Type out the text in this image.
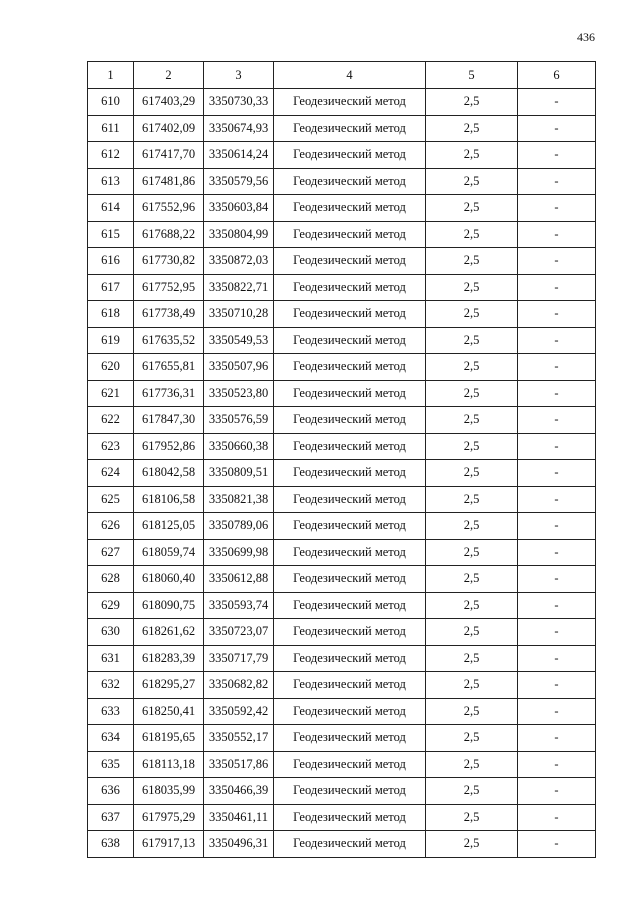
436
1	2	3	4	5	6
610	617403,29	3350730,33	Геодезический метод	2,5	-
611	617402,09	3350674,93	Геодезический метод	2,5	-
612	617417,70	3350614,24	Геодезический метод	2,5	-
613	617481,86	3350579,56	Геодезический метод	2,5	-
614	617552,96	3350603,84	Геодезический метод	2,5	-
615	617688,22	3350804,99	Геодезический метод	2,5	-
616	617730,82	3350872,03	Геодезический метод	2,5	-
617	617752,95	3350822,71	Геодезический метод	2,5	-
618	617738,49	3350710,28	Геодезический метод	2,5	-
619	617635,52	3350549,53	Геодезический метод	2,5	-
620	617655,81	3350507,96	Геодезический метод	2,5	-
621	617736,31	3350523,80	Геодезический метод	2,5	-
622	617847,30	3350576,59	Геодезический метод	2,5	-
623	617952,86	3350660,38	Геодезический метод	2,5	-
624	618042,58	3350809,51	Геодезический метод	2,5	-
625	618106,58	3350821,38	Геодезический метод	2,5	-
626	618125,05	3350789,06	Геодезический метод	2,5	-
627	618059,74	3350699,98	Геодезический метод	2,5	-
628	618060,40	3350612,88	Геодезический метод	2,5	-
629	618090,75	3350593,74	Геодезический метод	2,5	-
630	618261,62	3350723,07	Геодезический метод	2,5	-
631	618283,39	3350717,79	Геодезический метод	2,5	-
632	618295,27	3350682,82	Геодезический метод	2,5	-
633	618250,41	3350592,42	Геодезический метод	2,5	-
634	618195,65	3350552,17	Геодезический метод	2,5	-
635	618113,18	3350517,86	Геодезический метод	2,5	-
636	618035,99	3350466,39	Геодезический метод	2,5	-
637	617975,29	3350461,11	Геодезический метод	2,5	-
638	617917,13	3350496,31	Геодезический метод	2,5	-
